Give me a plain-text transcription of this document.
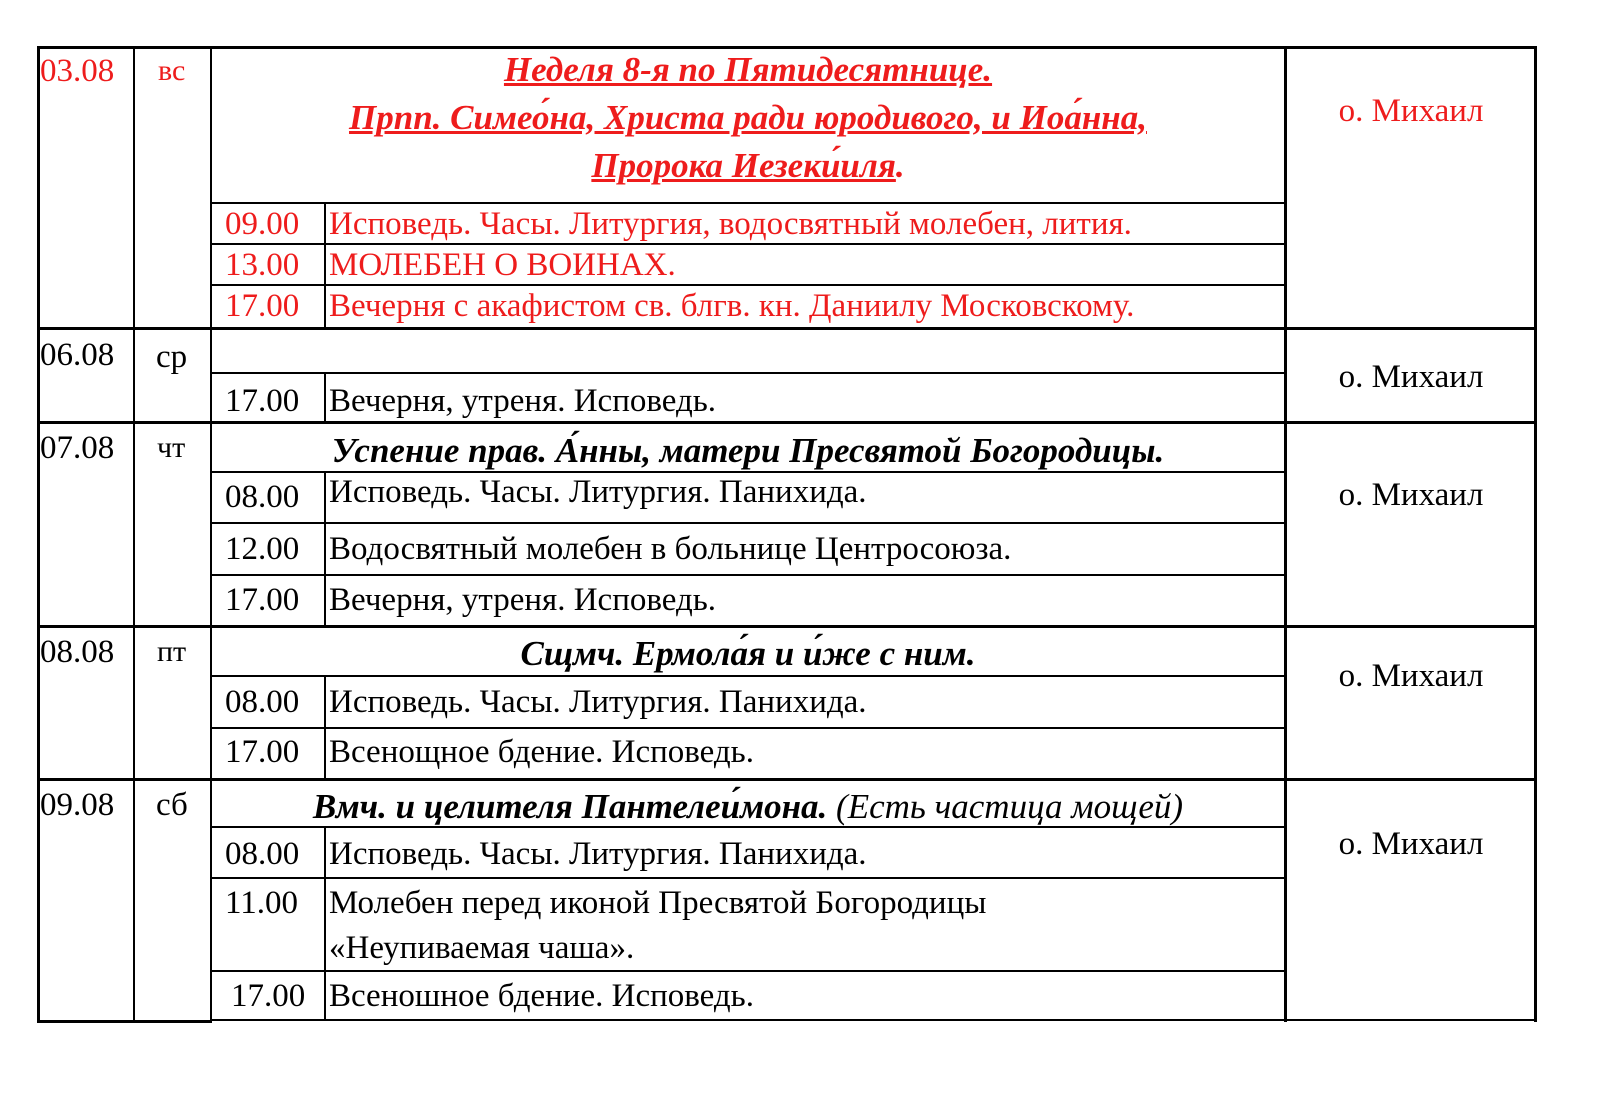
03.08 вс	Неделя 8-я по Пятидесятнице.
Прпп. Симео́на, Христа ради юродивого, и Иоа́нна,
Пророка Иезеки́иля.
09.00 Исповедь. Часы. Литургия, водосвятный молебен, лития.
13.00 МОЛЕБЕН О ВОИНАХ.
17.00 Вечерня с акафистом св. блгв. кн. Даниилу Московскому.
о. Михаил
06.08 ср
17.00 Вечерня, утреня. Исповедь.
о. Михаил
07.08 чт	Успение прав. А́нны, матери Пресвятой Богородицы.
08.00 Исповедь. Часы. Литургия. Панихида.
12.00 Водосвятный молебен в больнице Центросоюза.
17.00 Вечерня, утреня. Исповедь.
о. Михаил
08.08 пт	Сщмч. Ермола́я и и́же с ним.
08.00 Исповедь. Часы. Литургия. Панихида.
17.00 Всенощное бдение. Исповедь.
о. Михаил
09.08 сб	Вмч. и целителя Пантелеи́мона. (Есть частица мощей)
08.00 Исповедь. Часы. Литургия. Панихида.
11.00 Молебен перед иконой Пресвятой Богородицы
«Неупиваемая чаша».
17.00 Всеношное бдение. Исповедь.
о. Михаил
